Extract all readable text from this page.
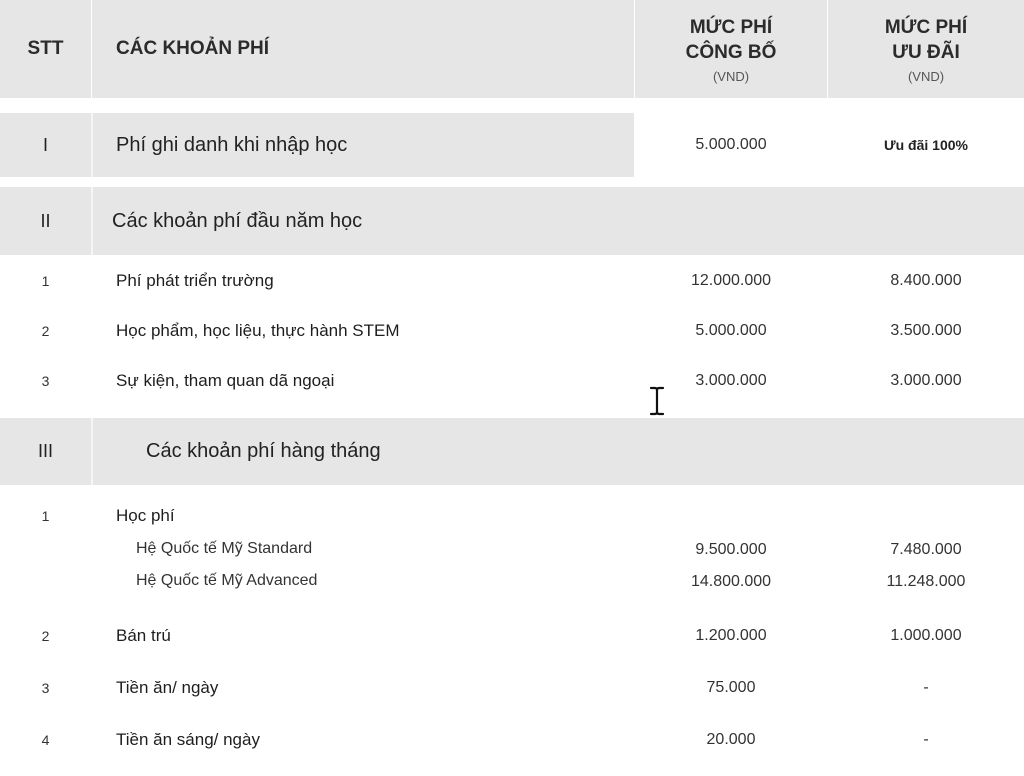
STT	CÁC KHOẢN PHÍ
MỨC PHÍ
CÔNG BỐ
(VND)
MỨC PHÍ
ƯU ĐÃI
(VND)
I	Phí ghi danh khi nhập học	5.000.000	Ưu đãi 100%
II	Các khoản phí đầu năm học
1	Phí phát triển trường	12.000.000	8.400.000
2	Học phẩm, học liệu, thực hành STEM	5.000.000	3.500.000
3	Sự kiện, tham quan dã ngoại	3.000.000	3.000.000
III	Các khoản phí hàng tháng
1	Học phí
Hệ Quốc tế Mỹ Standard	9.500.000	7.480.000
Hệ Quốc tế Mỹ Advanced	14.800.000	11.248.000
2	Bán trú	1.200.000	1.000.000
3	Tiền ăn/ ngày	75.000	-
4	Tiền ăn sáng/ ngày	20.000	-
